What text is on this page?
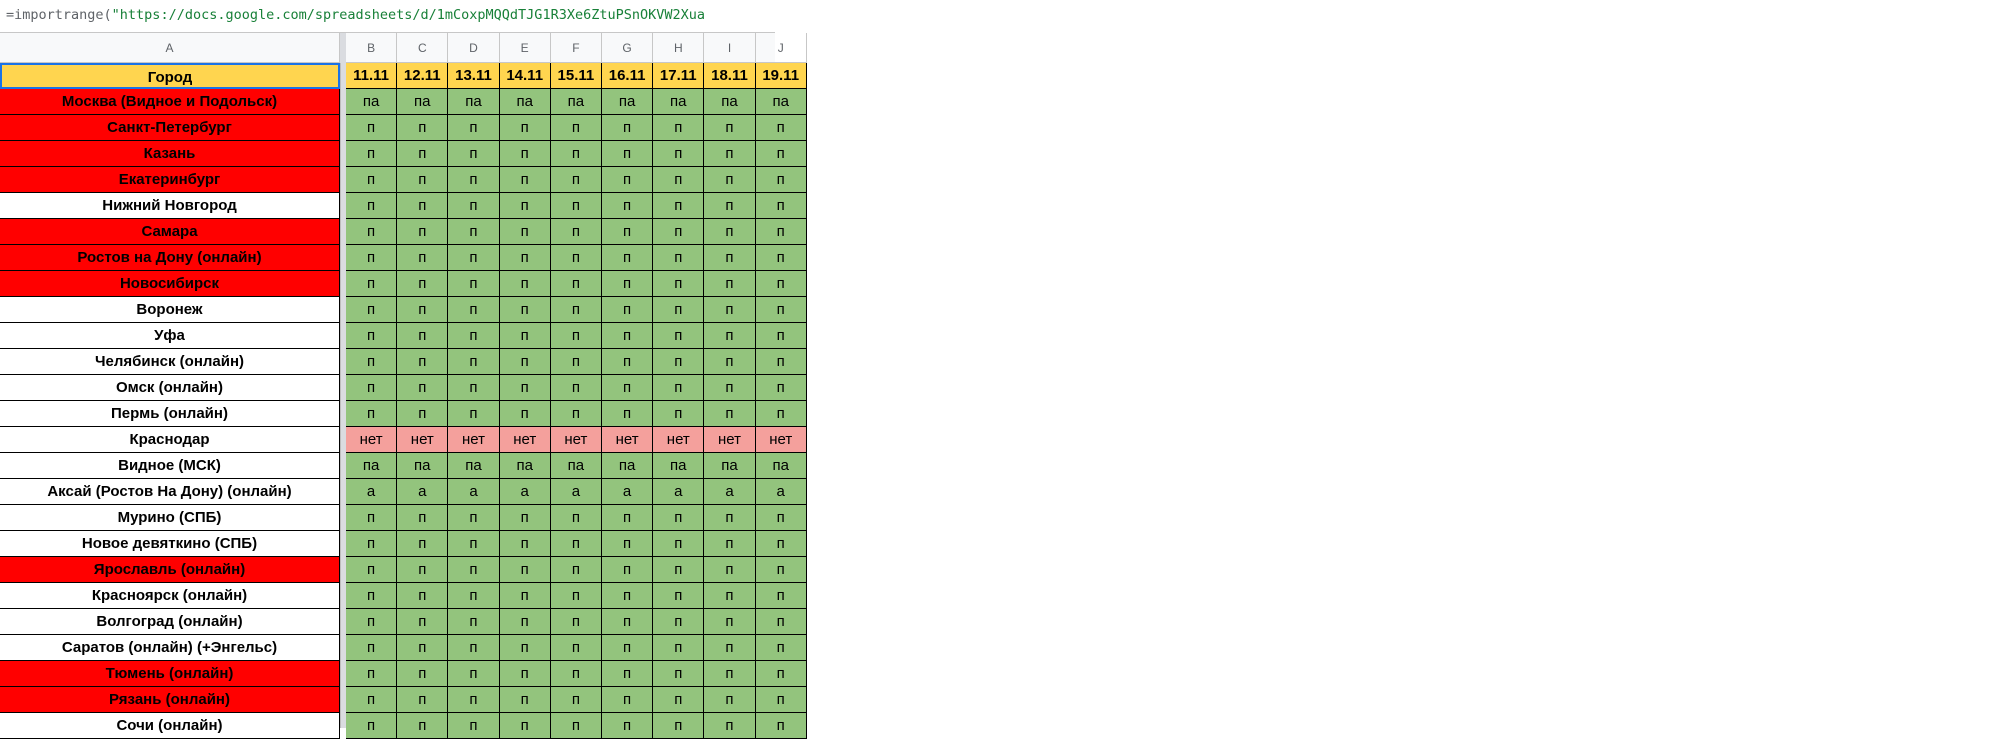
=importrange("https://docs.google.com/spreadsheets/d/1mCoxpMQQdTJG1R3Xe6ZtuPSnOKVW2Xua
A	B	C	D	E	F	G	H	I	J
Город	11.11 12.11 13.11 14.11 15.11 16.11 17.11 18.11 19.11
Москва (Видное и Подольск)	па	па	па	па	па	па	па	па	па
Санкт-Петербург	п	п	п	п	п	п	п	п	п
Казань	п	п	п	п	п	п	п	п	п
Екатеринбург	п	п	п	п	п	п	п	п	п
Нижний Новгород	п	п	п	п	п	п	п	п	п
Самара	п	п	п	п	п	п	п	п	п
Ростов на Дону (онлайн)	п	п	п	п	п	п	п	п	п
Новосибирск	п	п	п	п	п	п	п	п	п
Воронеж	п	п	п	п	п	п	п	п	п
Уфа	п	п	п	п	п	п	п	п	п
Челябинск (онлайн)	п	п	п	п	п	п	п	п	п
Омск (онлайн)	п	п	п	п	п	п	п	п	п
Пермь (онлайн)	п	п	п	п	п	п	п	п	п
Краснодар	нет	нет	нет	нет	нет	нет	нет	нет	нет
Видное (МСК)	па	па	па	па	па	па	па	па	па
Аксай (Ростов На Дону) (онлайн)	а	а	а	а	а	а	а	а	а
Мурино (СПБ)	п	п	п	п	п	п	п	п	п
Новое девяткино (СПБ)	п	п	п	п	п	п	п	п	п
Ярославль (онлайн)	п	п	п	п	п	п	п	п	п
Красноярск (онлайн)	п	п	п	п	п	п	п	п	п
Волгоград (онлайн)	п	п	п	п	п	п	п	п	п
Саратов (онлайн) (+Энгельс)	п	п	п	п	п	п	п	п	п
Тюмень (онлайн)	п	п	п	п	п	п	п	п	п
Рязань (онлайн)	п	п	п	п	п	п	п	п	п
Сочи (онлайн)	п	п	п	п	п	п	п	п	п
